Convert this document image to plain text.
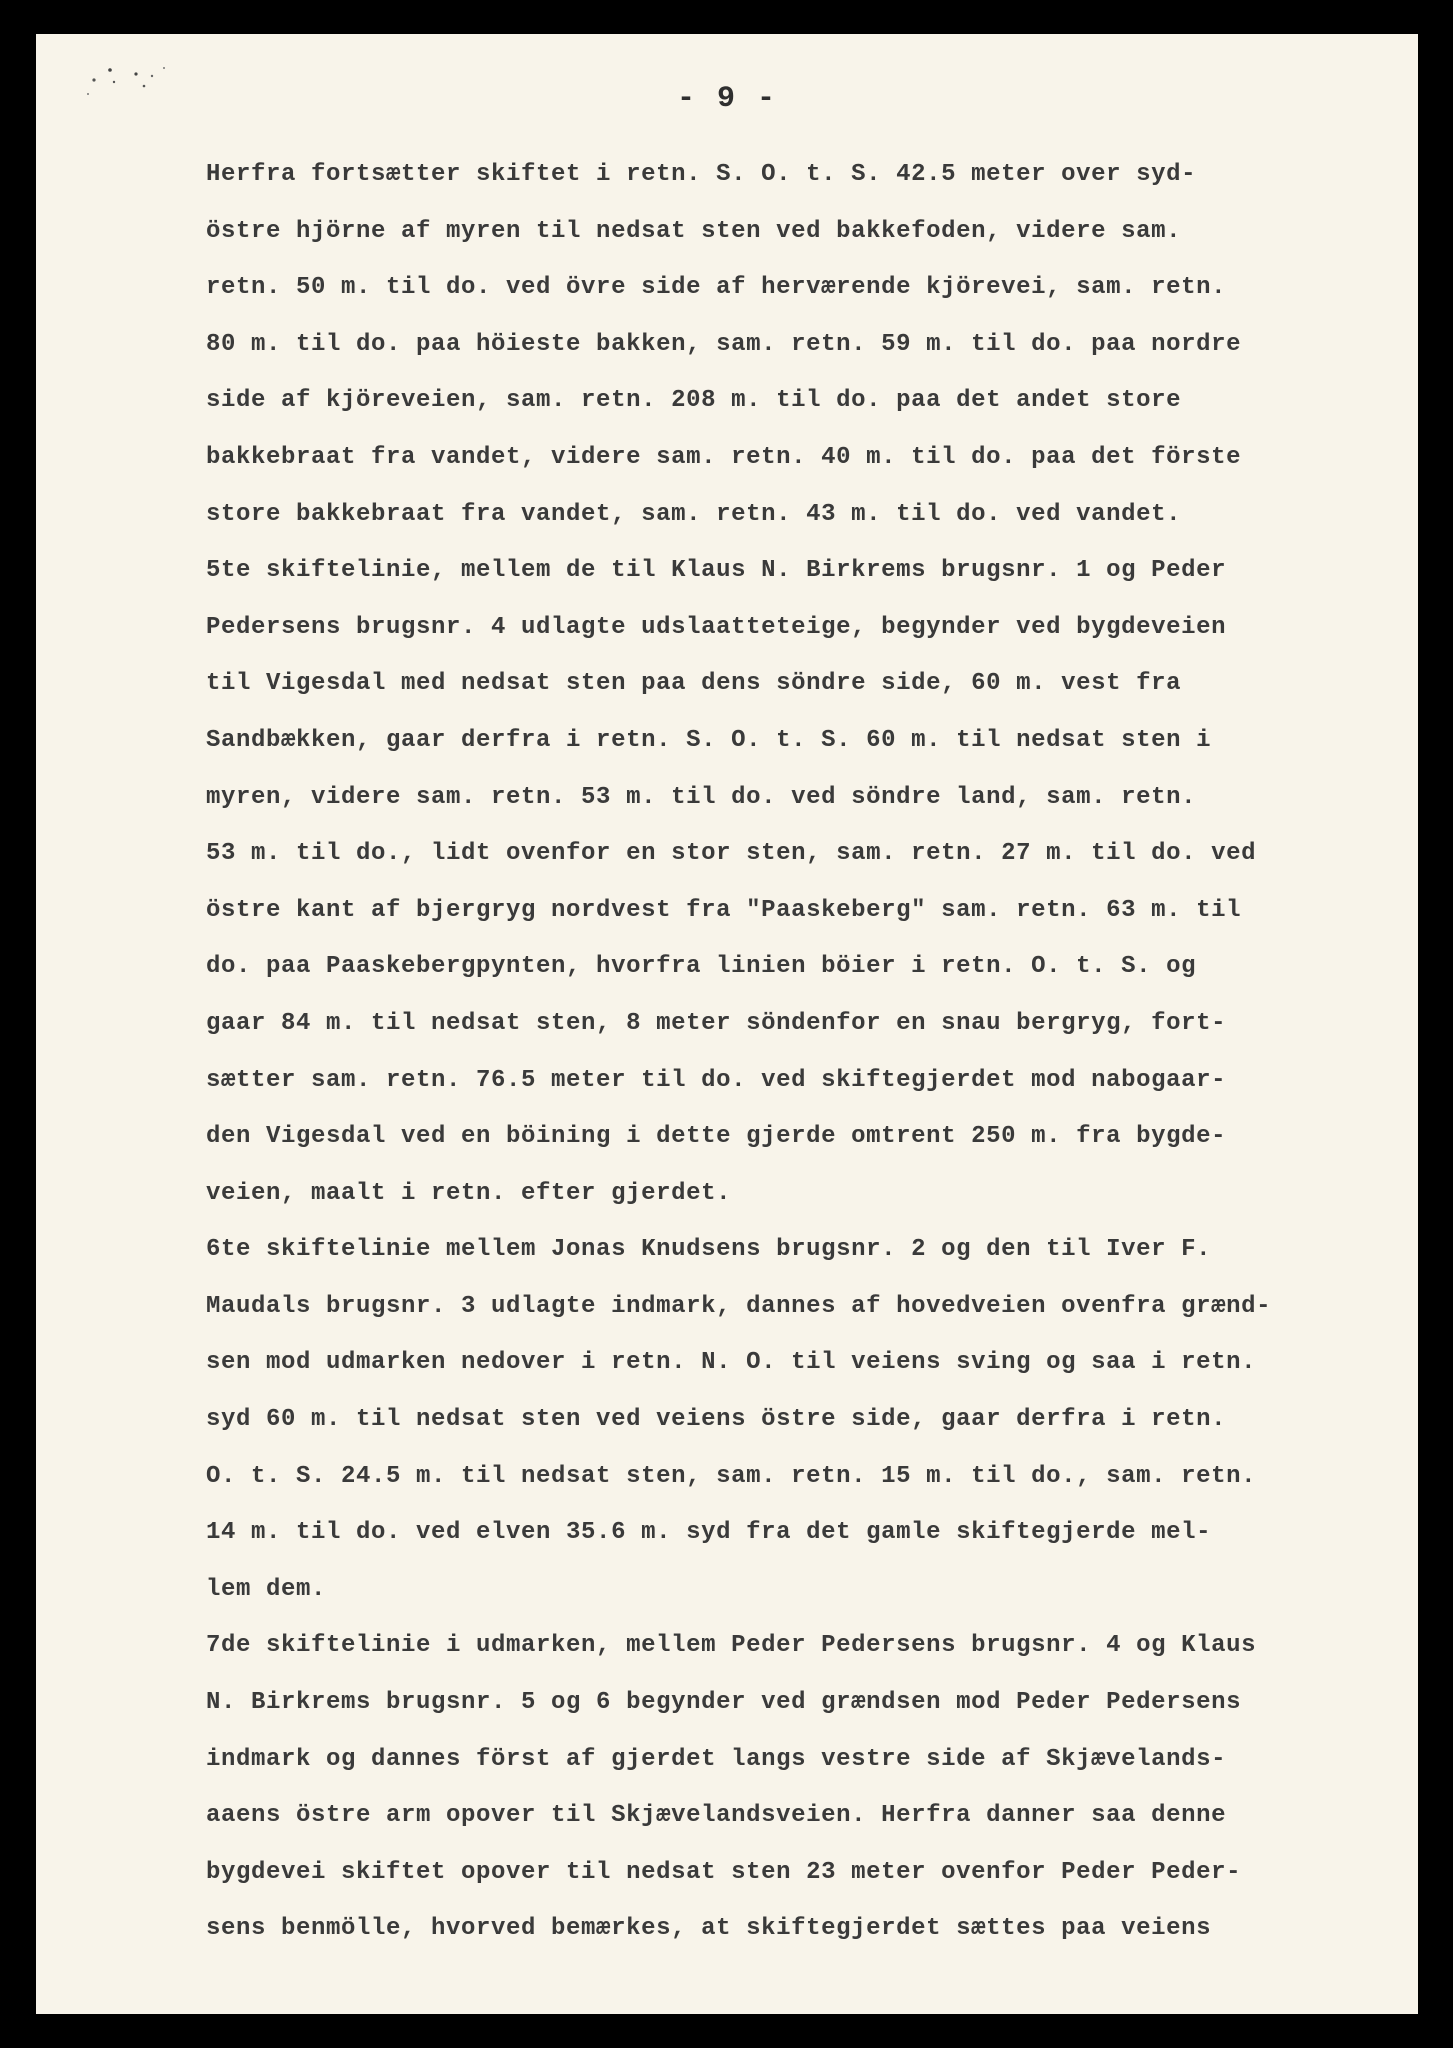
- 9 -
Herfra fortsætter skiftet i retn. S. O. t. S. 42.5 meter over syd-
östre hjörne af myren til nedsat sten ved bakkefoden, videre sam.
retn. 50 m. til do. ved övre side af herværende kjörevei, sam. retn.
80 m. til do. paa höieste bakken, sam. retn. 59 m. til do. paa nordre
side af kjöreveien, sam. retn. 208 m. til do. paa det andet store
bakkebraat fra vandet, videre sam. retn. 40 m. til do. paa det förste
store bakkebraat fra vandet, sam. retn. 43 m. til do. ved vandet.
5te skiftelinie, mellem de til Klaus N. Birkrems brugsnr. 1 og Peder
Pedersens brugsnr. 4 udlagte udslaatteteige, begynder ved bygdeveien
til Vigesdal med nedsat sten paa dens söndre side, 60 m. vest fra
Sandbækken, gaar derfra i retn. S. O. t. S. 60 m. til nedsat sten i
myren, videre sam. retn. 53 m. til do. ved söndre land, sam. retn.
53 m. til do., lidt ovenfor en stor sten, sam. retn. 27 m. til do. ved
östre kant af bjergryg nordvest fra "Paaskeberg" sam. retn. 63 m. til
do. paa Paaskebergpynten, hvorfra linien böier i retn. O. t. S. og
gaar 84 m. til nedsat sten, 8 meter söndenfor en snau bergryg, fort-
sætter sam. retn. 76.5 meter til do. ved skiftegjerdet mod nabogaar-
den Vigesdal ved en böining i dette gjerde omtrent 250 m. fra bygde-
veien, maalt i retn. efter gjerdet.
6te skiftelinie mellem Jonas Knudsens brugsnr. 2 og den til Iver F.
Maudals brugsnr. 3 udlagte indmark, dannes af hovedveien ovenfra grænd-
sen mod udmarken nedover i retn. N. O. til veiens sving og saa i retn.
syd 60 m. til nedsat sten ved veiens östre side, gaar derfra i retn.
O. t. S. 24.5 m. til nedsat sten, sam. retn. 15 m. til do., sam. retn.
14 m. til do. ved elven 35.6 m. syd fra det gamle skiftegjerde mel-
lem dem.
7de skiftelinie i udmarken, mellem Peder Pedersens brugsnr. 4 og Klaus
N. Birkrems brugsnr. 5 og 6 begynder ved grændsen mod Peder Pedersens
indmark og dannes först af gjerdet langs vestre side af Skjævelands-
aaens östre arm opover til Skjævelandsveien. Herfra danner saa denne
bygdevei skiftet opover til nedsat sten 23 meter ovenfor Peder Peder-
sens benmölle, hvorved bemærkes, at skiftegjerdet sættes paa veiens
